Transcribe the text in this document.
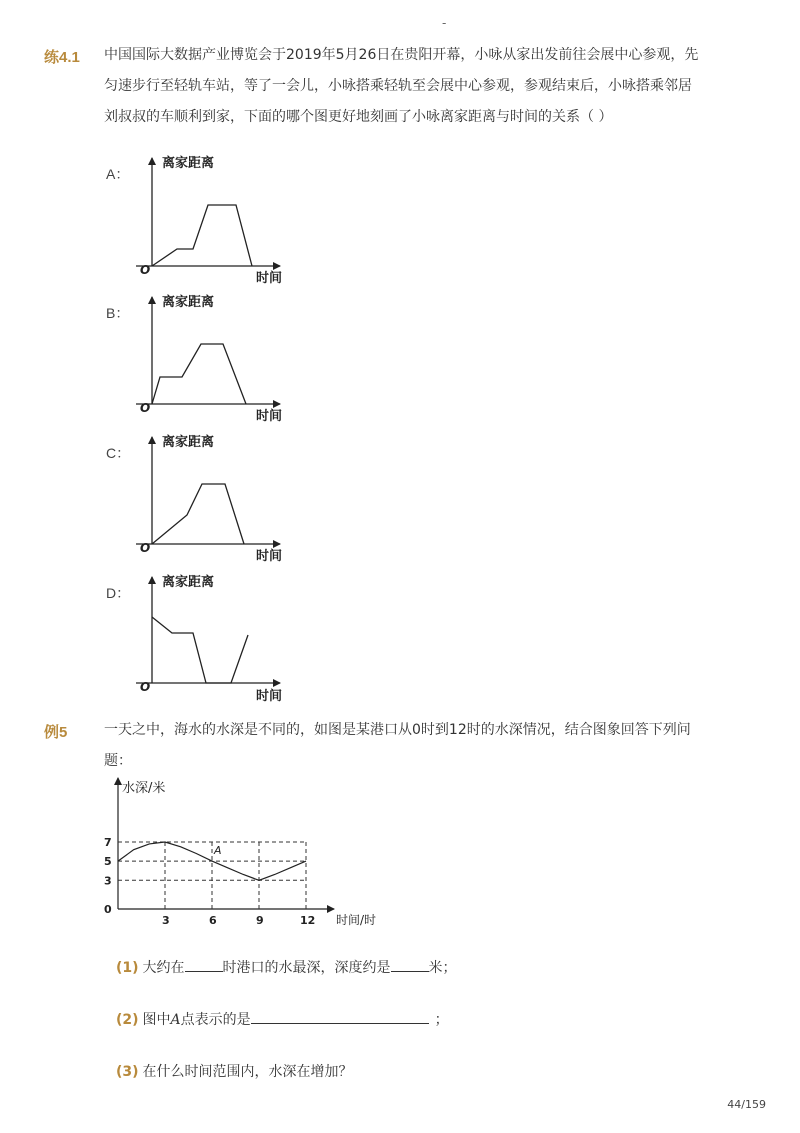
-
练4.1 中国国际大数据产业博览会于2019年5月26日在贵阳开幕，小咏从家出发前往会展中心参观，先
匀速步行至轻轨车站，等了一会儿，小咏搭乘轻轨至会展中心参观，参观结束后，小咏搭乘邻居
刘叔叔的车顺利到家，下面的哪个图更好地刻画了小咏离家距离与时间的关系（ ）
A：
离家距离
时间
O
B：
离家距离
时间
O
C：
离家距离
时间
O
D：
离家距离
时间
O
例5	一天之中，海水的水深是不同的，如图是某港口从0时到12时的水深情况，结合图象回答下列问
题：
水深/米
时间/时
0
3
5
7
3	6	9	12
A
(1) 大约在	时港口的水最深，深度约是	米；
(2) 图中A点表示的是	；
(3) 在什么时间范围内，水深在增加？
44/159
